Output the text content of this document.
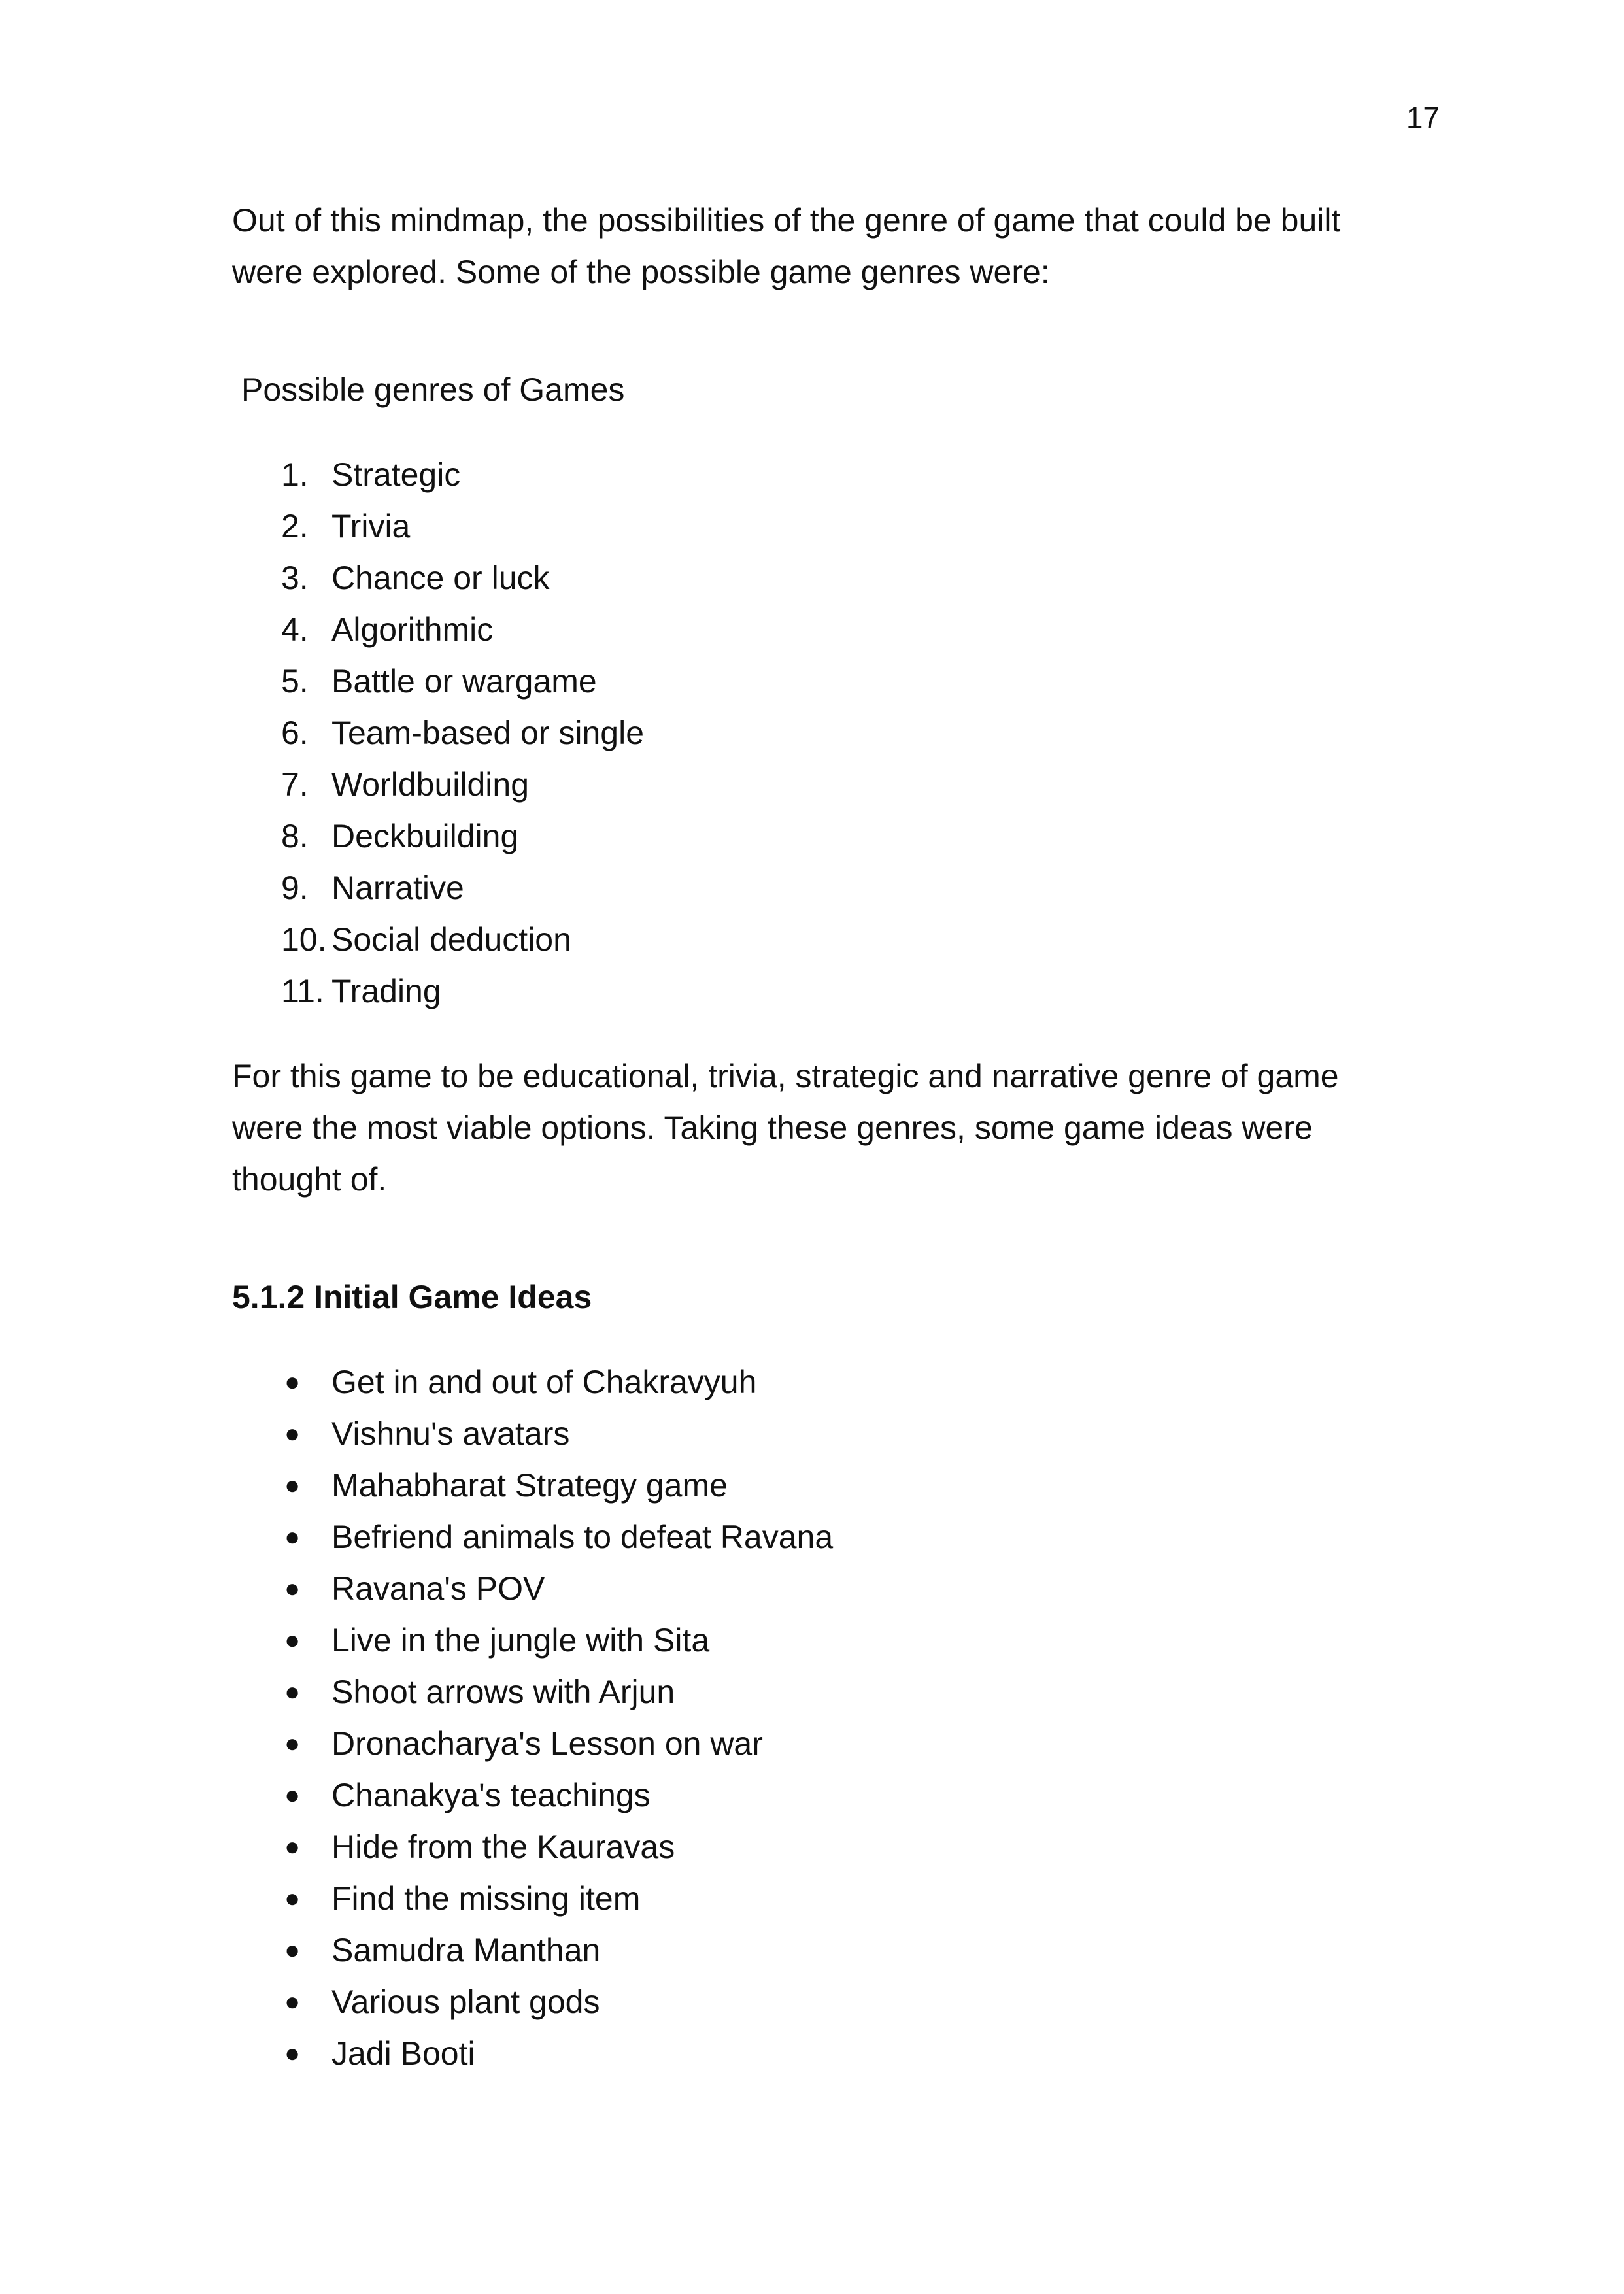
17

Out of this mindmap, the possibilities of the genre of game that could be built were explored. Some of the possible game genres were:

Possible genres of Games
1. Strategic
2. Trivia
3. Chance or luck
4. Algorithmic
5. Battle or wargame
6. Team-based or single
7. Worldbuilding
8. Deckbuilding
9. Narrative
10. Social deduction
11. Trading

For this game to be educational, trivia, strategic and narrative genre of game were the most viable options. Taking these genres, some game ideas were thought of.

5.1.2 Initial Game Ideas
● Get in and out of Chakravyuh
● Vishnu's avatars
● Mahabharat Strategy game
● Befriend animals to defeat Ravana
● Ravana's POV
● Live in the jungle with Sita
● Shoot arrows with Arjun
● Dronacharya's Lesson on war
● Chanakya's teachings
● Hide from the Kauravas
● Find the missing item
● Samudra Manthan
● Various plant gods
● Jadi Booti
